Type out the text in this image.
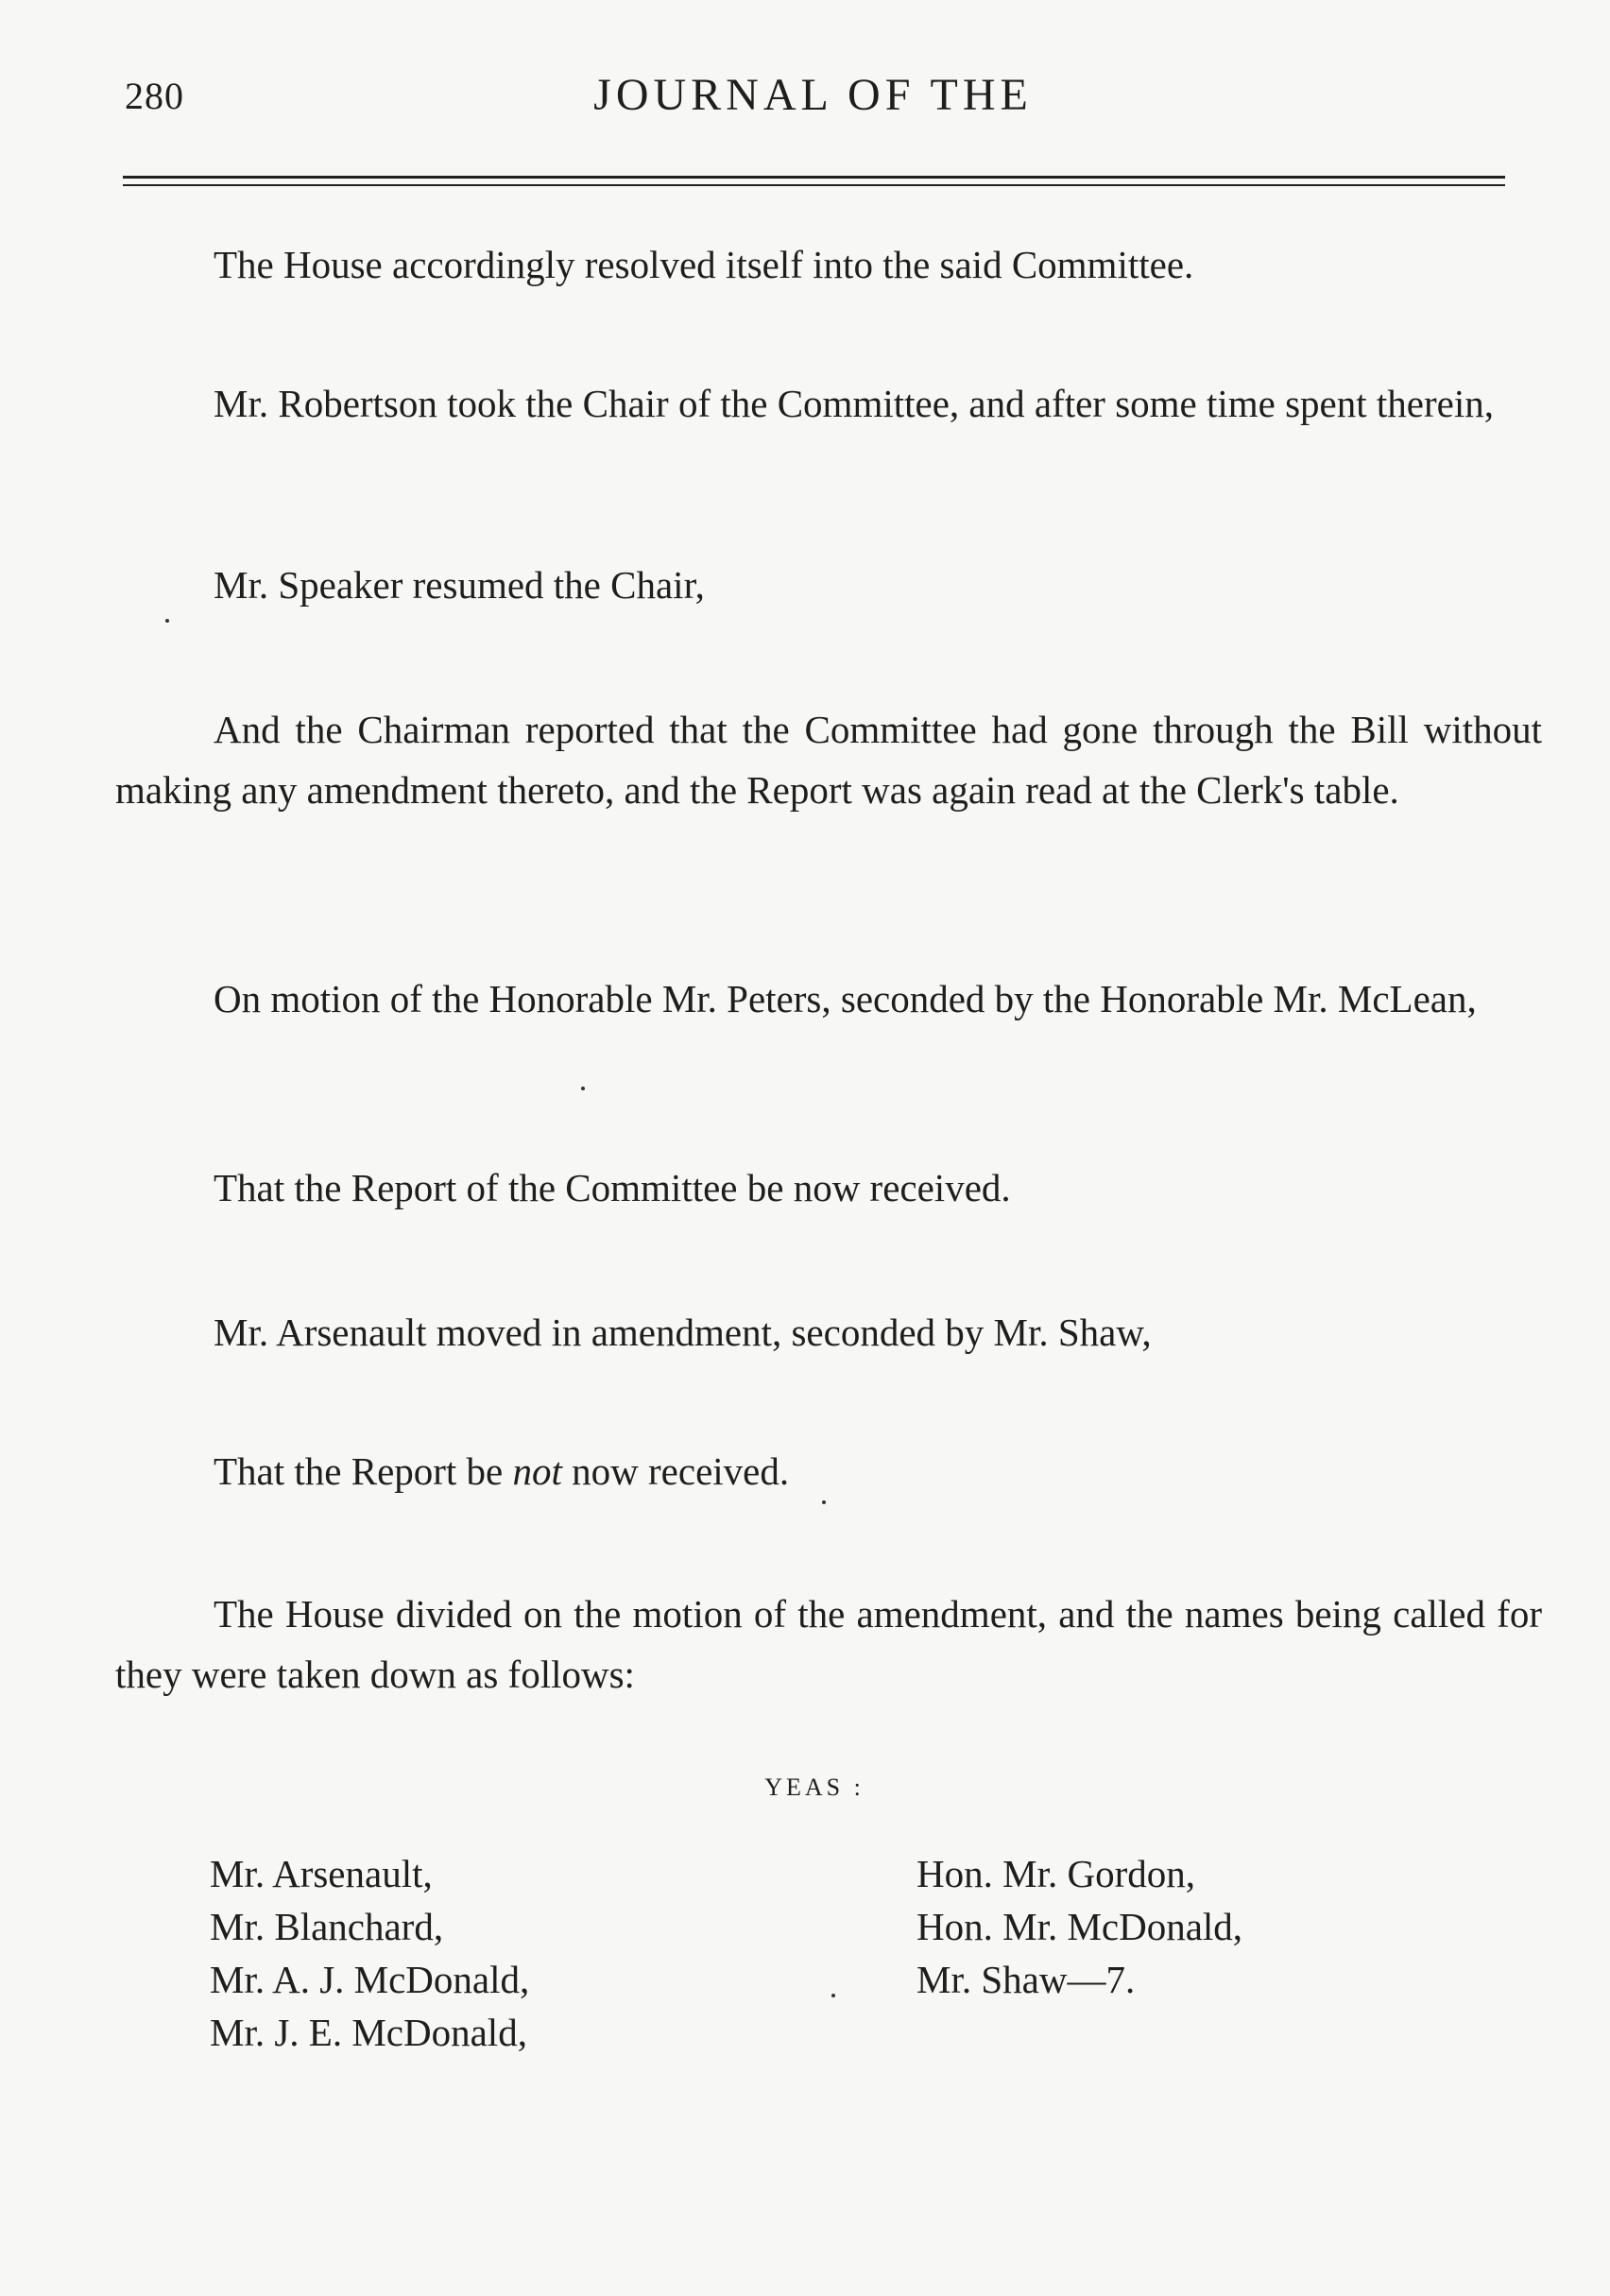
280	JOURNAL OF THE

The House accordingly resolved itself into the said Committee.

Mr. Robertson took the Chair of the Committee, and after some time spent therein,

Mr. Speaker resumed the Chair,

And the Chairman reported that the Committee had gone through the Bill without making any amendment thereto, and the Report was again read at the Clerk's table.

On motion of the Honorable Mr. Peters, seconded by the Honorable Mr. McLean,

That the Report of the Committee be now received.

Mr. Arsenault moved in amendment, seconded by Mr. Shaw,

That the Report be not now received.

The House divided on the motion of the amendment, and the names being called for they were taken down as follows:

YEAS :
Mr. Arsenault,
Mr. Blanchard,
Mr. A. J. McDonald,
Mr. J. E. McDonald,
Hon. Mr. Gordon,
Hon. Mr. McDonald,
Mr. Shaw—7.
